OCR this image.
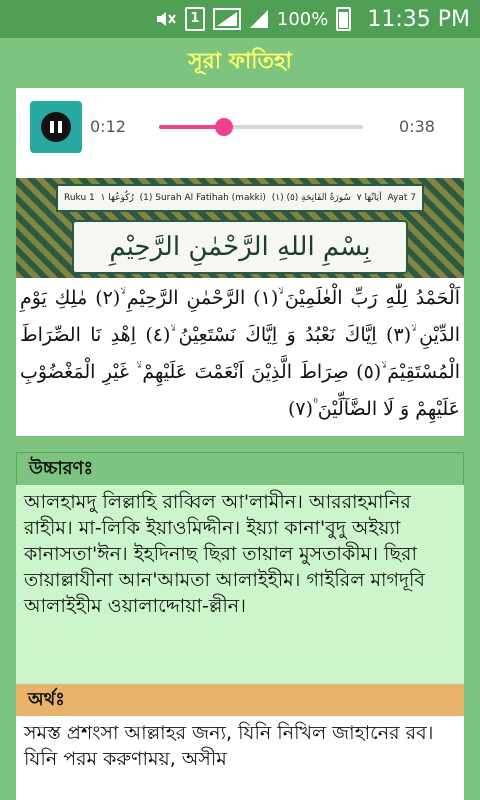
1	100% 11:35 PM
সূরা ফাতিহা
0:12	0:38
Ruku 1 رُكُوعُهَا ١ (1) Surah Al Fatihah (makki) (١) سُورَةُ الفَاتِحَةِ (٥) آيَاتُهَا ٧ Ayat 7
بِسْمِ اللهِ الرَّحْمٰنِ الرَّحِيْمِ
اَلْحَمْدُ لِلّٰهِ رَبِّ الْعٰلَمِيْنَ ۙ(١) الرَّحْمٰنِ الرَّحِيْمِ ۙ(٢) مٰلِكِ يَوْمِ الدِّيْنِ ۙ(٣) اِيَّاكَ نَعْبُدُ وَ اِيَّاكَ نَسْتَعِيْنُ ۙ(٤) اِهْدِ نَا الصِّرَاطَ الْمُسْتَقِيْمَ ۙ(٥) صِرَاطَ الَّذِيْنَ اَنْعَمْتَ عَلَيْهِمْ ۙ غَيْرِ الْمَغْضُوْبِ عَلَيْهِمْ وَ لَا الضَّآلِّيْنَ ۠(٧)
উচ্চারণঃ
আলহামদু লিল্লাহি রাব্বিল আ'লামীন। আররাহমানির রাহীম। মা-লিকি ইয়াওমিদ্দীন। ইয়্যা কানা'বুদু অইয়্যা কানাসতা'ঈন। ইহদিনাছ ছিরা তায়াল মুসতাকীম। ছিরা তায়াল্লাযীনা আন'আমতা আলাইহীম। গাইরিল মাগদূবি আলাইহীম ওয়ালাদ্দোয়া-ল্লীন।
অর্থঃ
সমস্ত প্রশংসা আল্লাহর জন্য, যিনি নিখিল জাহানের রব। যিনি পরম করুণাময়, অসীম
